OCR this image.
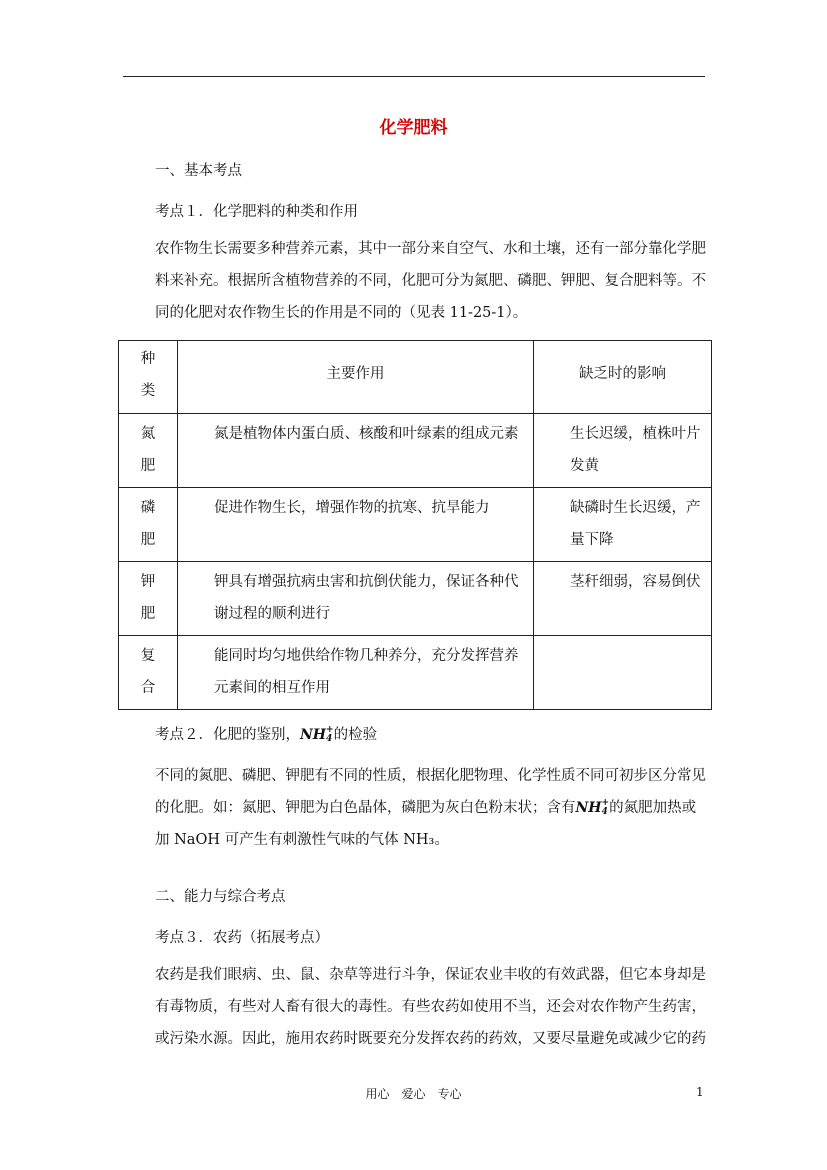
化学肥料
一、基本考点
考点１．化学肥料的种类和作用
农作物生长需要多种营养元素，其中一部分来自空气、水和土壤，还有一部分靠化学肥
料来补充。根据所含植物营养的不同，化肥可分为氮肥、磷肥、钾肥、复合肥料等。不
同的化肥对农作物生长的作用是不同的（见表 11-25-1）。
种类	主要作用	缺乏时的影响

氮肥	氮是植物体内蛋白质、核酸和叶绿素的组成元素	生长迟缓，植株叶片发黄

磷肥	促进作物生长，增强作物的抗寒、抗旱能力	缺磷时生长迟缓，产量下降

钾肥	钾具有增强抗病虫害和抗倒伏能力，保证各种代谢过程的顺利进行	茎秆细弱，容易倒伏

复合	能同时均匀地供给作物几种养分，充分发挥营养元素间的相互作用	

考点２．化肥的鉴别，NH +
4 的检验
不同的氮肥、磷肥、钾肥有不同的性质，根据化肥物理、化学性质不同可初步区分常见
的化肥。如：氮肥、钾肥为白色晶体，磷肥为灰白色粉末状；含有NH +
4 的氮肥加热或
加 NaOH 可产生有刺激性气味的气体 NH₃。
二、能力与综合考点
考点３．农药（拓展考点）
农药是我们眼病、虫、鼠、杂草等进行斗争，保证农业丰收的有效武器，但它本身却是
有毒物质，有些对人畜有很大的毒性。有些农药如使用不当，还会对农作物产生药害，
或污染水源。因此，施用农药时既要充分发挥农药的药效，又要尽量避免或减少它的药
用心　爱心　专心	1
